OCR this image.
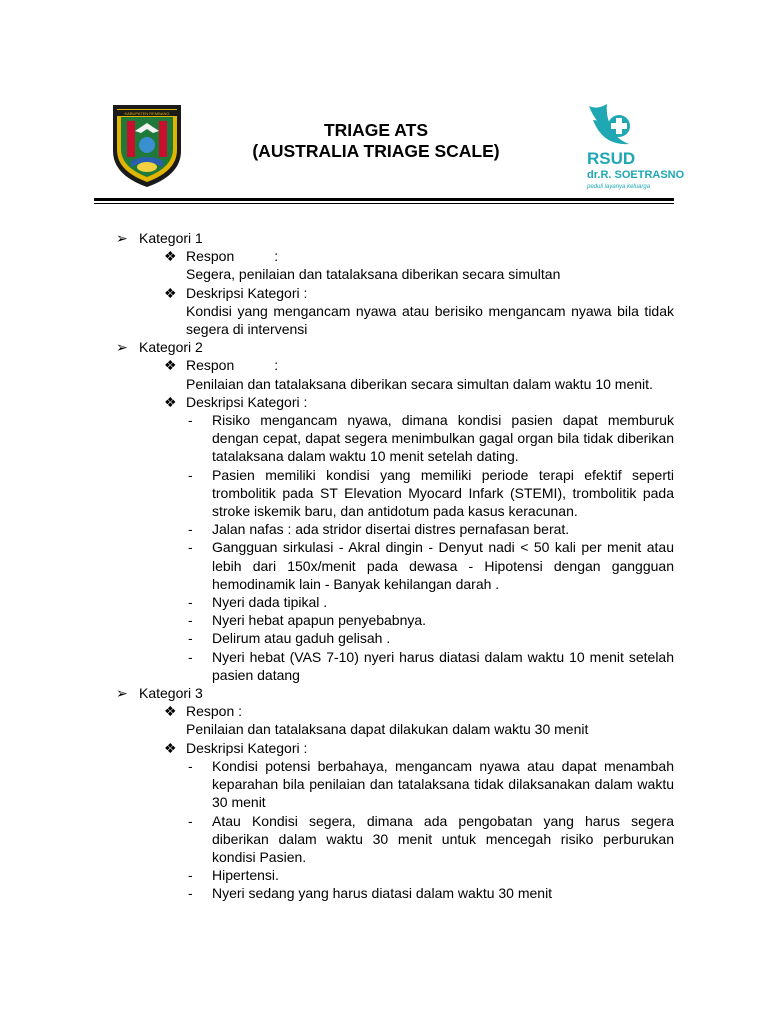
KABUPATEN REMBANG
TRIAGE ATS
(AUSTRALIA TRIAGE SCALE)	RSUD
dr.R. SOETRASNO
peduli layanya keluarga
➢ Kategori 1
❖ Respon	:
Segera, penilaian dan tatalaksana diberikan secara simultan
❖ Deskripsi Kategori :
Kondisi yang mengancam nyawa atau berisiko mengancam nyawa bila tidak segera di intervensi
➢ Kategori 2
❖ Respon	:
Penilaian dan tatalaksana diberikan secara simultan dalam waktu 10 menit.
❖ Deskripsi Kategori :
- Risiko mengancam nyawa, dimana kondisi pasien dapat memburuk dengan cepat, dapat segera menimbulkan gagal organ bila tidak diberikan tatalaksana dalam waktu 10 menit setelah dating.
- Pasien memiliki kondisi yang memiliki periode terapi efektif seperti trombolitik pada ST Elevation Myocard Infark (STEMI), trombolitik pada stroke iskemik baru, dan antidotum pada kasus keracunan.
- Jalan nafas : ada stridor disertai distres pernafasan berat.
- Gangguan sirkulasi - Akral dingin - Denyut nadi < 50 kali per menit atau lebih dari 150x/menit pada dewasa - Hipotensi dengan gangguan hemodinamik lain - Banyak kehilangan darah .
- Nyeri dada tipikal .
- Nyeri hebat apapun penyebabnya.
- Delirum atau gaduh gelisah .
- Nyeri hebat (VAS 7-10) nyeri harus diatasi dalam waktu 10 menit setelah pasien datang
➢ Kategori 3
❖ Respon :
Penilaian dan tatalaksana dapat dilakukan dalam waktu 30 menit
❖ Deskripsi Kategori :
- Kondisi potensi berbahaya, mengancam nyawa atau dapat menambah keparahan bila penilaian dan tatalaksana tidak dilaksanakan dalam waktu 30 menit
- Atau Kondisi segera, dimana ada pengobatan yang harus segera diberikan dalam waktu 30 menit untuk mencegah risiko perburukan kondisi Pasien.
- Hipertensi.
- Nyeri sedang yang harus diatasi dalam waktu 30 menit
